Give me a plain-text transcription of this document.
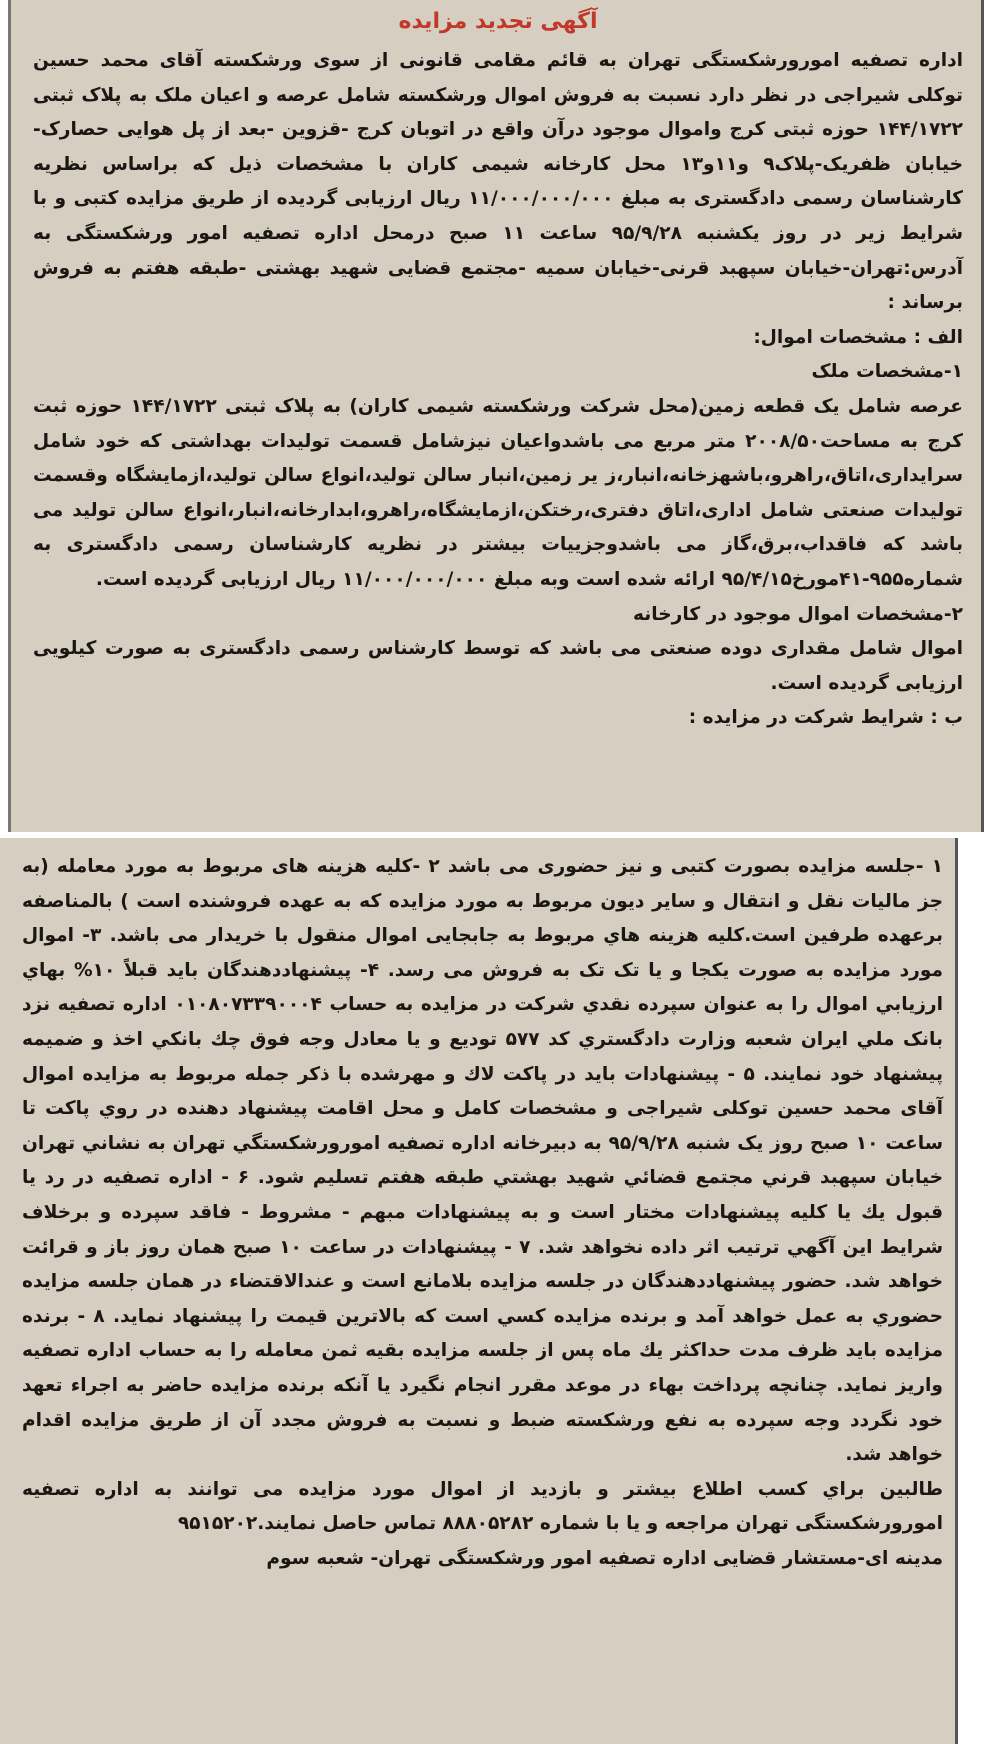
آگهی تجدید مزایده

اداره تصفیه امورورشکستگی تهران به قائم مقامی قانونی از سوی ورشکسته آقای محمد حسین توکلی شیراجی در نظر دارد نسبت به فروش اموال ورشکسته شامل عرصه و اعیان ملک به پلاک ثبتی ۱۴۴/۱۷۲۲ حوزه ثبتی کرج واموال موجود درآن واقع در اتوبان کرج -قزوین -بعد از پل هوایی حصارک-خیابان ظفریک-پلاک۹ و۱۱و۱۳ محل کارخانه شیمی کاران با مشخصات ذیل که براساس نظریه کارشناسان رسمی دادگستری به مبلغ ۱۱/۰۰۰/۰۰۰/۰۰۰ ریال ارزیابی گردیده از طریق مزایده کتبی و با شرایط زیر در روز یکشنبه ۹۵/۹/۲۸ ساعت ۱۱ صبح درمحل اداره تصفیه امور ورشکستگی به آدرس:تهران-خیابان سپهبد قرنی-خیابان سمیه -مجتمع قضایی شهید بهشتی -طبقه هفتم به فروش برساند :

الف : مشخصات اموال:

۱-مشخصات ملک

عرصه شامل یک قطعه زمین(محل شرکت ورشکسته شیمی کاران) به پلاک ثبتی ۱۴۴/۱۷۲۲ حوزه ثبت کرج به مساحت۲۰۰۸/۵۰ متر مربع می باشدواعیان نیزشامل قسمت تولیدات بهداشتی که خود شامل سرایداری،اتاق،راهرو،باشهزخانه،انبار،ز یر زمین،انبار سالن تولید،انواع سالن تولید،ازمایشگاه وقسمت تولیدات صنعتی شامل اداری،اتاق دفتری،رختکن،ازمایشگاه،راهرو،ابدارخانه،انبار،انواع سالن تولید می باشد که فاقداب،برق،گاز می باشدوجزییات بیشتر در نظریه کارشناسان رسمی دادگستری به شماره۹۵۵-۴۱مورخ۹۵/۴/۱۵ ارائه شده است وبه مبلغ ۱۱/۰۰۰/۰۰۰/۰۰۰ ریال ارزیابی گردیده است.

۲-مشخصات اموال موجود در کارخانه

اموال شامل مقداری دوده صنعتی می باشد که توسط کارشناس رسمی دادگستری به صورت کیلویی ارزیابی گردیده است.

ب : شرایط شرکت در مزایده :

۱ -جلسه مزایده بصورت کتبی و نیز حضوری می باشد ۲ -کلیه هزینه های مربوط به مورد معامله (به جز مالیات نقل و انتقال و سایر دیون مربوط به مورد مزایده که به عهده فروشنده است ) بالمناصفه برعهده طرفین است.کلیه هزینه هاي مربوط به جابجایی اموال منقول با خریدار می باشد. ۳- اموال مورد مزایده به صورت یکجا و یا تک تک به فروش می رسد. ۴- پیشنهاددهندگان باید قبلاً ۱۰% بهاي ارزیابي اموال را به عنوان سپرده نقدي شرکت در مزایده به حساب ۰۱۰۸۰۷۳۳۹۰۰۰۴ اداره تصفیه نزد بانک ملي ایران شعبه وزارت دادگستري کد ۵۷۷ تودیع و یا معادل وجه فوق چك بانکي اخذ و ضمیمه پیشنهاد خود نمایند. ۵ - پیشنهادات باید در پاکت لاك و مهرشده با ذکر جمله مربوط به مزایده اموال آقای محمد حسین توکلی شیراجی و مشخصات کامل و محل اقامت پیشنهاد دهنده در روي پاکت تا ساعت ۱۰ صبح روز یک شنبه ۹۵/۹/۲۸ به دبیرخانه اداره تصفیه امورورشکستگي تهران به نشاني تهران خیابان سپهبد قرني مجتمع قضائي شهید بهشتي طبقه هفتم تسلیم شود. ۶ - اداره تصفیه در رد یا قبول یك یا کلیه پیشنهادات مختار است و به پیشنهادات مبهم - مشروط - فاقد سپرده و برخلاف شرایط این آگهي ترتیب اثر داده نخواهد شد. ۷ - پیشنهادات در ساعت ۱۰ صبح همان روز باز و قرائت خواهد شد. حضور پیشنهاددهندگان در جلسه مزایده بلامانع است و عندالاقتضاء در همان جلسه مزایده حضوري به عمل خواهد آمد و برنده مزایده کسي است که بالاترین قیمت را پیشنهاد نماید. ۸ - برنده مزایده باید ظرف مدت حداکثر یك ماه پس از جلسه مزایده بقیه ثمن معامله را به حساب اداره تصفیه واریز نماید. چنانچه پرداخت بهاء در موعد مقرر انجام نگیرد یا آنکه برنده مزایده حاضر به اجراء تعهد خود نگردد وجه سپرده به نفع ورشکسته ضبط و نسبت به فروش مجدد آن از طریق مزایده اقدام خواهد شد.

طالبین براي کسب اطلاع بیشتر و بازدید از اموال مورد مزایده می توانند به اداره تصفیه امورورشکستگی تهران مراجعه و یا با شماره ۸۸۸۰۵۲۸۲ تماس حاصل نمایند.۹۵۱۵۲۰۲

مدینه ای-مستشار قضایی اداره تصفیه امور ورشکستگی تهران- شعبه سوم
